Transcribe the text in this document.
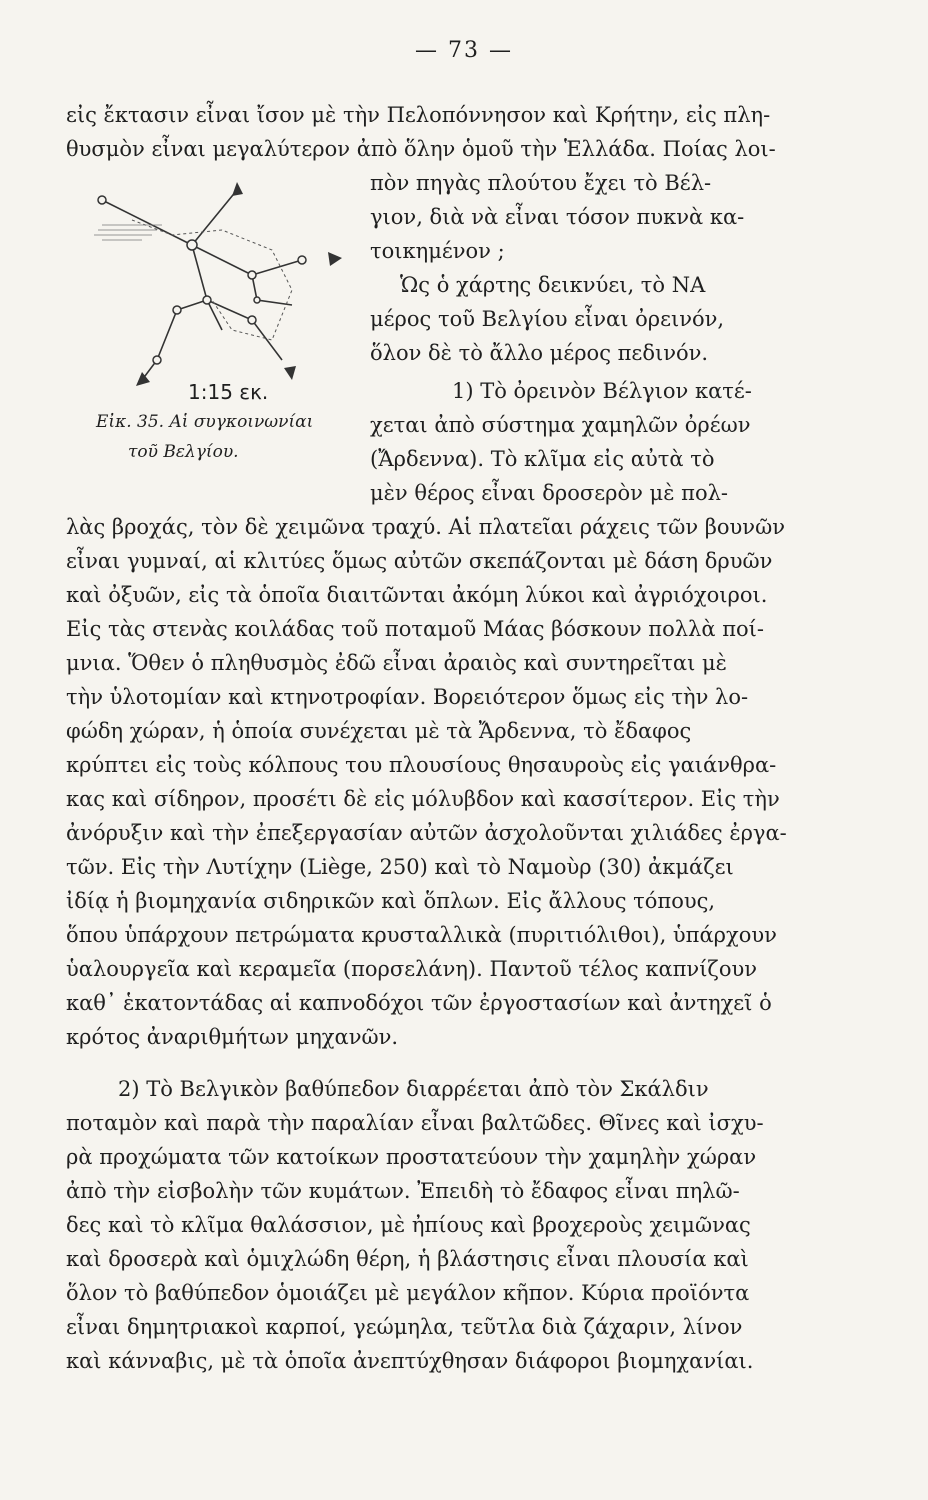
— 73 —
εἰς ἔκτασιν εἶναι ἴσον μὲ τὴν Πελοπόννησον καὶ Κρήτην, εἰς πλη-
θυσμὸν εἶναι μεγαλύτερον ἀπὸ ὅλην ὁμοῦ τὴν Ἑλλάδα. Ποίας λοι-
πὸν πηγὰς πλούτου ἔχει τὸ Βέλ-
γιον, διὰ νὰ εἶναι τόσον πυκνὰ κα-
τοικημένον ;
Ὡς ὁ χάρτης δεικνύει, τὸ ΝΑ
μέρος τοῦ Βελγίου εἶναι ὀρεινόν,
ὅλον δὲ τὸ ἄλλο μέρος πεδινόν.
1:15 εκ.
Εἰκ. 35. Αἱ συγκοινωνίαι
τοῦ Βελγίου.
1) Τὸ ὀρεινὸν Βέλγιον κατέ-
χεται ἀπὸ σύστημα χαμηλῶν ὀρέων
(Ἄρδεννα). Τὸ κλῖμα εἰς αὐτὰ τὸ
μὲν θέρος εἶναι δροσερὸν μὲ πολ-
λὰς βροχάς, τὸν δὲ χειμῶνα τραχύ. Αἱ πλατεῖαι ράχεις τῶν βουνῶν
εἶναι γυμναί, αἱ κλιτύες ὅμως αὐτῶν σκεπάζονται μὲ δάση δρυῶν
καὶ ὀξυῶν, εἰς τὰ ὁποῖα διαιτῶνται ἀκόμη λύκοι καὶ ἀγριόχοιροι.
Εἰς τὰς στενὰς κοιλάδας τοῦ ποταμοῦ Μάας βόσκουν πολλὰ ποί-
μνια. Ὅθεν ὁ πληθυσμὸς ἐδῶ εἶναι ἀραιὸς καὶ συντηρεῖται μὲ
τὴν ὑλοτομίαν καὶ κτηνοτροφίαν. Βορειότερον ὅμως εἰς τὴν λο-
φώδη χώραν, ἡ ὁποία συνέχεται μὲ τὰ Ἄρδεννα, τὸ ἔδαφος
κρύπτει εἰς τοὺς κόλπους του πλουσίους θησαυροὺς εἰς γαιάνθρα-
κας καὶ σίδηρον, προσέτι δὲ εἰς μόλυβδον καὶ κασσίτερον. Εἰς τὴν
ἀνόρυξιν καὶ τὴν ἐπεξεργασίαν αὐτῶν ἀσχολοῦνται χιλιάδες ἐργα-
τῶν. Εἰς τὴν Λυτίχην (Liège, 250) καὶ τὸ Ναμοὺρ (30) ἀκμάζει
ἰδίᾳ ἡ βιομηχανία σιδηρικῶν καὶ ὅπλων. Εἰς ἄλλους τόπους,
ὅπου ὑπάρχουν πετρώματα κρυσταλλικὰ (πυριτιόλιθοι), ὑπάρχουν
ὑαλουργεῖα καὶ κεραμεῖα (πορσελάνη). Παντοῦ τέλος καπνίζουν
καθ᾽ ἑκατοντάδας αἱ καπνοδόχοι τῶν ἐργοστασίων καὶ ἀντηχεῖ ὁ
κρότος ἀναριθμήτων μηχανῶν.
2) Τὸ Βελγικὸν βαθύπεδον διαρρέεται ἀπὸ τὸν Σκάλδιν
ποταμὸν καὶ παρὰ τὴν παραλίαν εἶναι βαλτῶδες. Θῖνες καὶ ἰσχυ-
ρὰ προχώματα τῶν κατοίκων προστατεύουν τὴν χαμηλὴν χώραν
ἀπὸ τὴν εἰσβολὴν τῶν κυμάτων. Ἐπειδὴ τὸ ἔδαφος εἶναι πηλῶ-
δες καὶ τὸ κλῖμα θαλάσσιον, μὲ ἠπίους καὶ βροχεροὺς χειμῶνας
καὶ δροσερὰ καὶ ὁμιχλώδη θέρη, ἡ βλάστησις εἶναι πλουσία καὶ
ὅλον τὸ βαθύπεδον ὁμοιάζει μὲ μεγάλον κῆπον. Κύρια προϊόντα
εἶναι δημητριακοὶ καρποί, γεώμηλα, τεῦτλα διὰ ζάχαριν, λίνον
καὶ κάνναβις, μὲ τὰ ὁποῖα ἀνεπτύχθησαν διάφοροι βιομηχανίαι.
